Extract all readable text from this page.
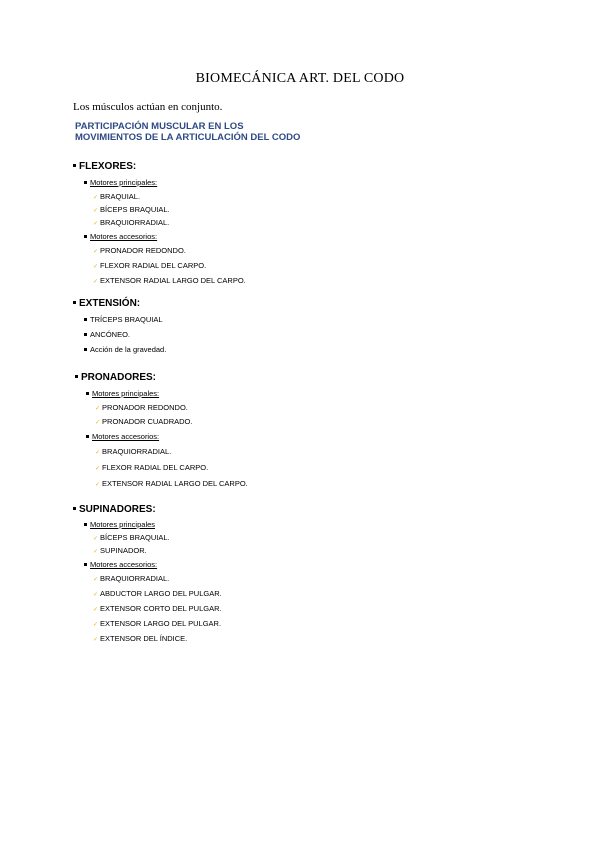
BIOMECÁNICA ART. DEL CODO
Los músculos actúan en conjunto.
PARTICIPACIÓN MUSCULAR EN LOS
MOVIMIENTOS DE LA ARTICULACIÓN DEL CODO
FLEXORES:
Motores principales:
✓ BRAQUIAL.
✓ BÍCEPS BRAQUIAL.
✓ BRAQUIORRADIAL.
Motores accesorios:
✓ PRONADOR REDONDO.
✓ FLEXOR RADIAL DEL CARPO.
✓ EXTENSOR RADIAL LARGO DEL CARPO.
EXTENSIÓN:
TRÍCEPS BRAQUIAL
ANCÓNEO.
Acción de la gravedad.
PRONADORES:
Motores principales:
✓ PRONADOR REDONDO.
✓ PRONADOR CUADRADO.
Motores accesorios:
✓ BRAQUIORRADIAL.
✓ FLEXOR RADIAL DEL CARPO.
✓ EXTENSOR RADIAL LARGO DEL CARPO.
SUPINADORES:
Motores principales
✓ BÍCEPS BRAQUIAL.
✓ SUPINADOR.
Motores accesorios:
✓ BRAQUIORRADIAL.
✓ ABDUCTOR LARGO DEL PULGAR.
✓ EXTENSOR CORTO DEL PULGAR.
✓ EXTENSOR LARGO DEL PULGAR.
✓ EXTENSOR DEL ÍNDICE.
